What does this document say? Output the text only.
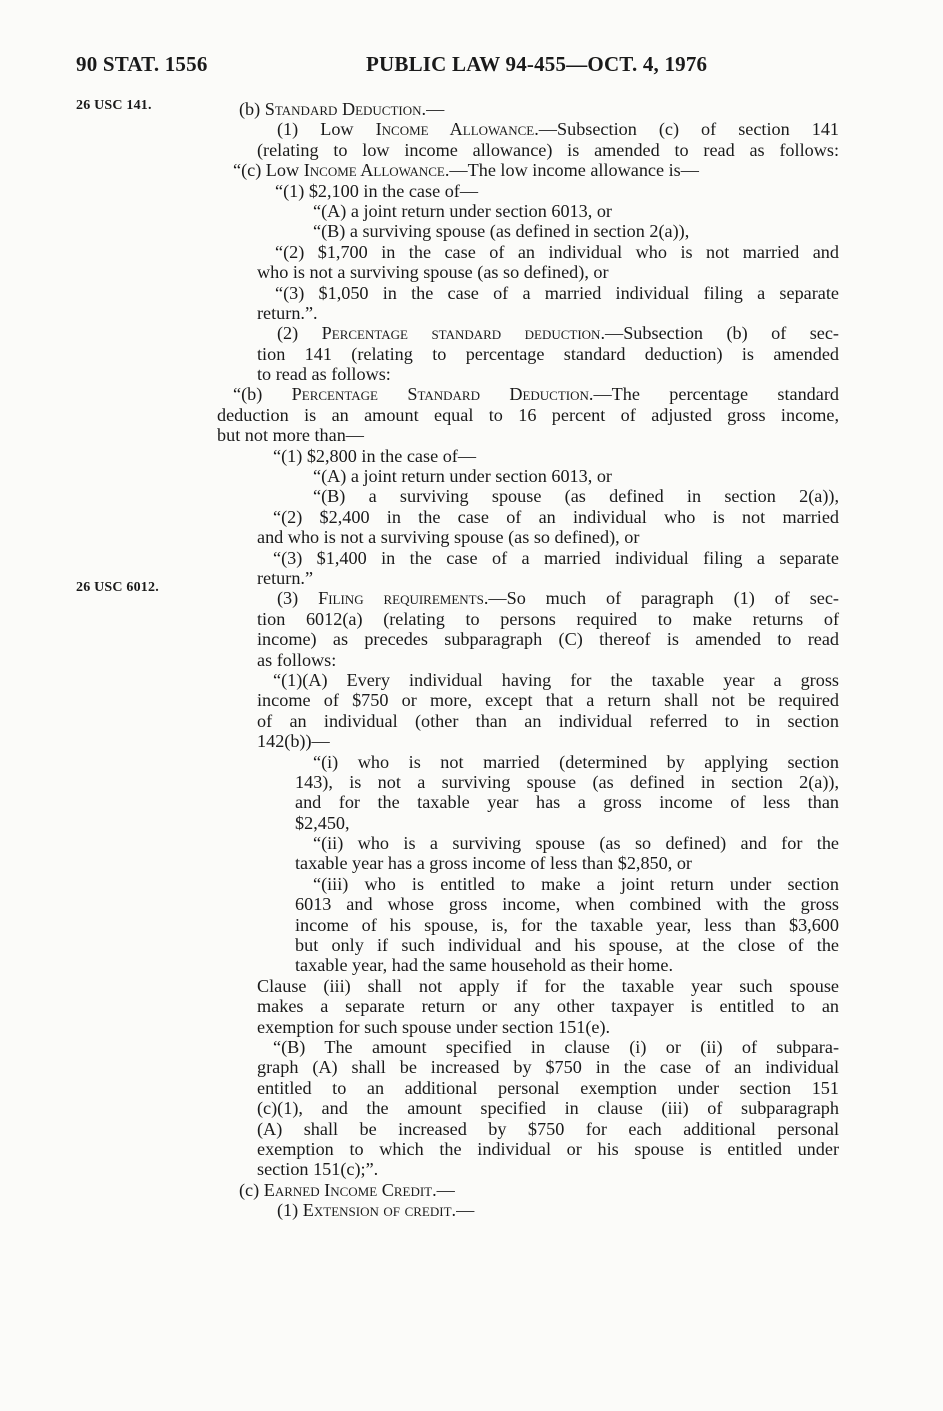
90 STAT. 1556	PUBLIC LAW 94-455—OCT. 4, 1976
26 USC 141.
26 USC 6012.
(b) Standard Deduction.—
(1) Low Income Allowance.—Subsection (c) of section 141
(relating to low income allowance) is amended to read as follows:
“(c) Low Income Allowance.—The low income allowance is—
“(1) $2,100 in the case of—
“(A) a joint return under section 6013, or
“(B) a surviving spouse (as defined in section 2(a)),
“(2) $1,700 in the case of an individual who is not married and
who is not a surviving spouse (as so defined), or
“(3) $1,050 in the case of a married individual filing a separate
return.”.
(2) Percentage standard deduction.—Subsection (b) of sec-
tion 141 (relating to percentage standard deduction) is amended
to read as follows:
“(b) Percentage Standard Deduction.—The percentage standard
deduction is an amount equal to 16 percent of adjusted gross income,
but not more than—
“(1) $2,800 in the case of—
“(A) a joint return under section 6013, or
“(B) a surviving spouse (as defined in section 2(a)),
“(2) $2,400 in the case of an individual who is not married
and who is not a surviving spouse (as so defined), or
“(3) $1,400 in the case of a married individual filing a separate
return.”
(3) Filing requirements.—So much of paragraph (1) of sec-
tion 6012(a) (relating to persons required to make returns of
income) as precedes subparagraph (C) thereof is amended to read
as follows:
“(1)(A) Every individual having for the taxable year a gross
income of $750 or more, except that a return shall not be required
of an individual (other than an individual referred to in section
142(b))—
“(i) who is not married (determined by applying section
143), is not a surviving spouse (as defined in section 2(a)),
and for the taxable year has a gross income of less than
$2,450,
“(ii) who is a surviving spouse (as so defined) and for the
taxable year has a gross income of less than $2,850, or
“(iii) who is entitled to make a joint return under section
6013 and whose gross income, when combined with the gross
income of his spouse, is, for the taxable year, less than $3,600
but only if such individual and his spouse, at the close of the
taxable year, had the same household as their home.
Clause (iii) shall not apply if for the taxable year such spouse
makes a separate return or any other taxpayer is entitled to an
exemption for such spouse under section 151(e).
“(B) The amount specified in clause (i) or (ii) of subpara-
graph (A) shall be increased by $750 in the case of an individual
entitled to an additional personal exemption under section 151
(c)(1), and the amount specified in clause (iii) of subparagraph
(A) shall be increased by $750 for each additional personal
exemption to which the individual or his spouse is entitled under
section 151(c);”.
(c) Earned Income Credit.—
(1) Extension of credit.—
